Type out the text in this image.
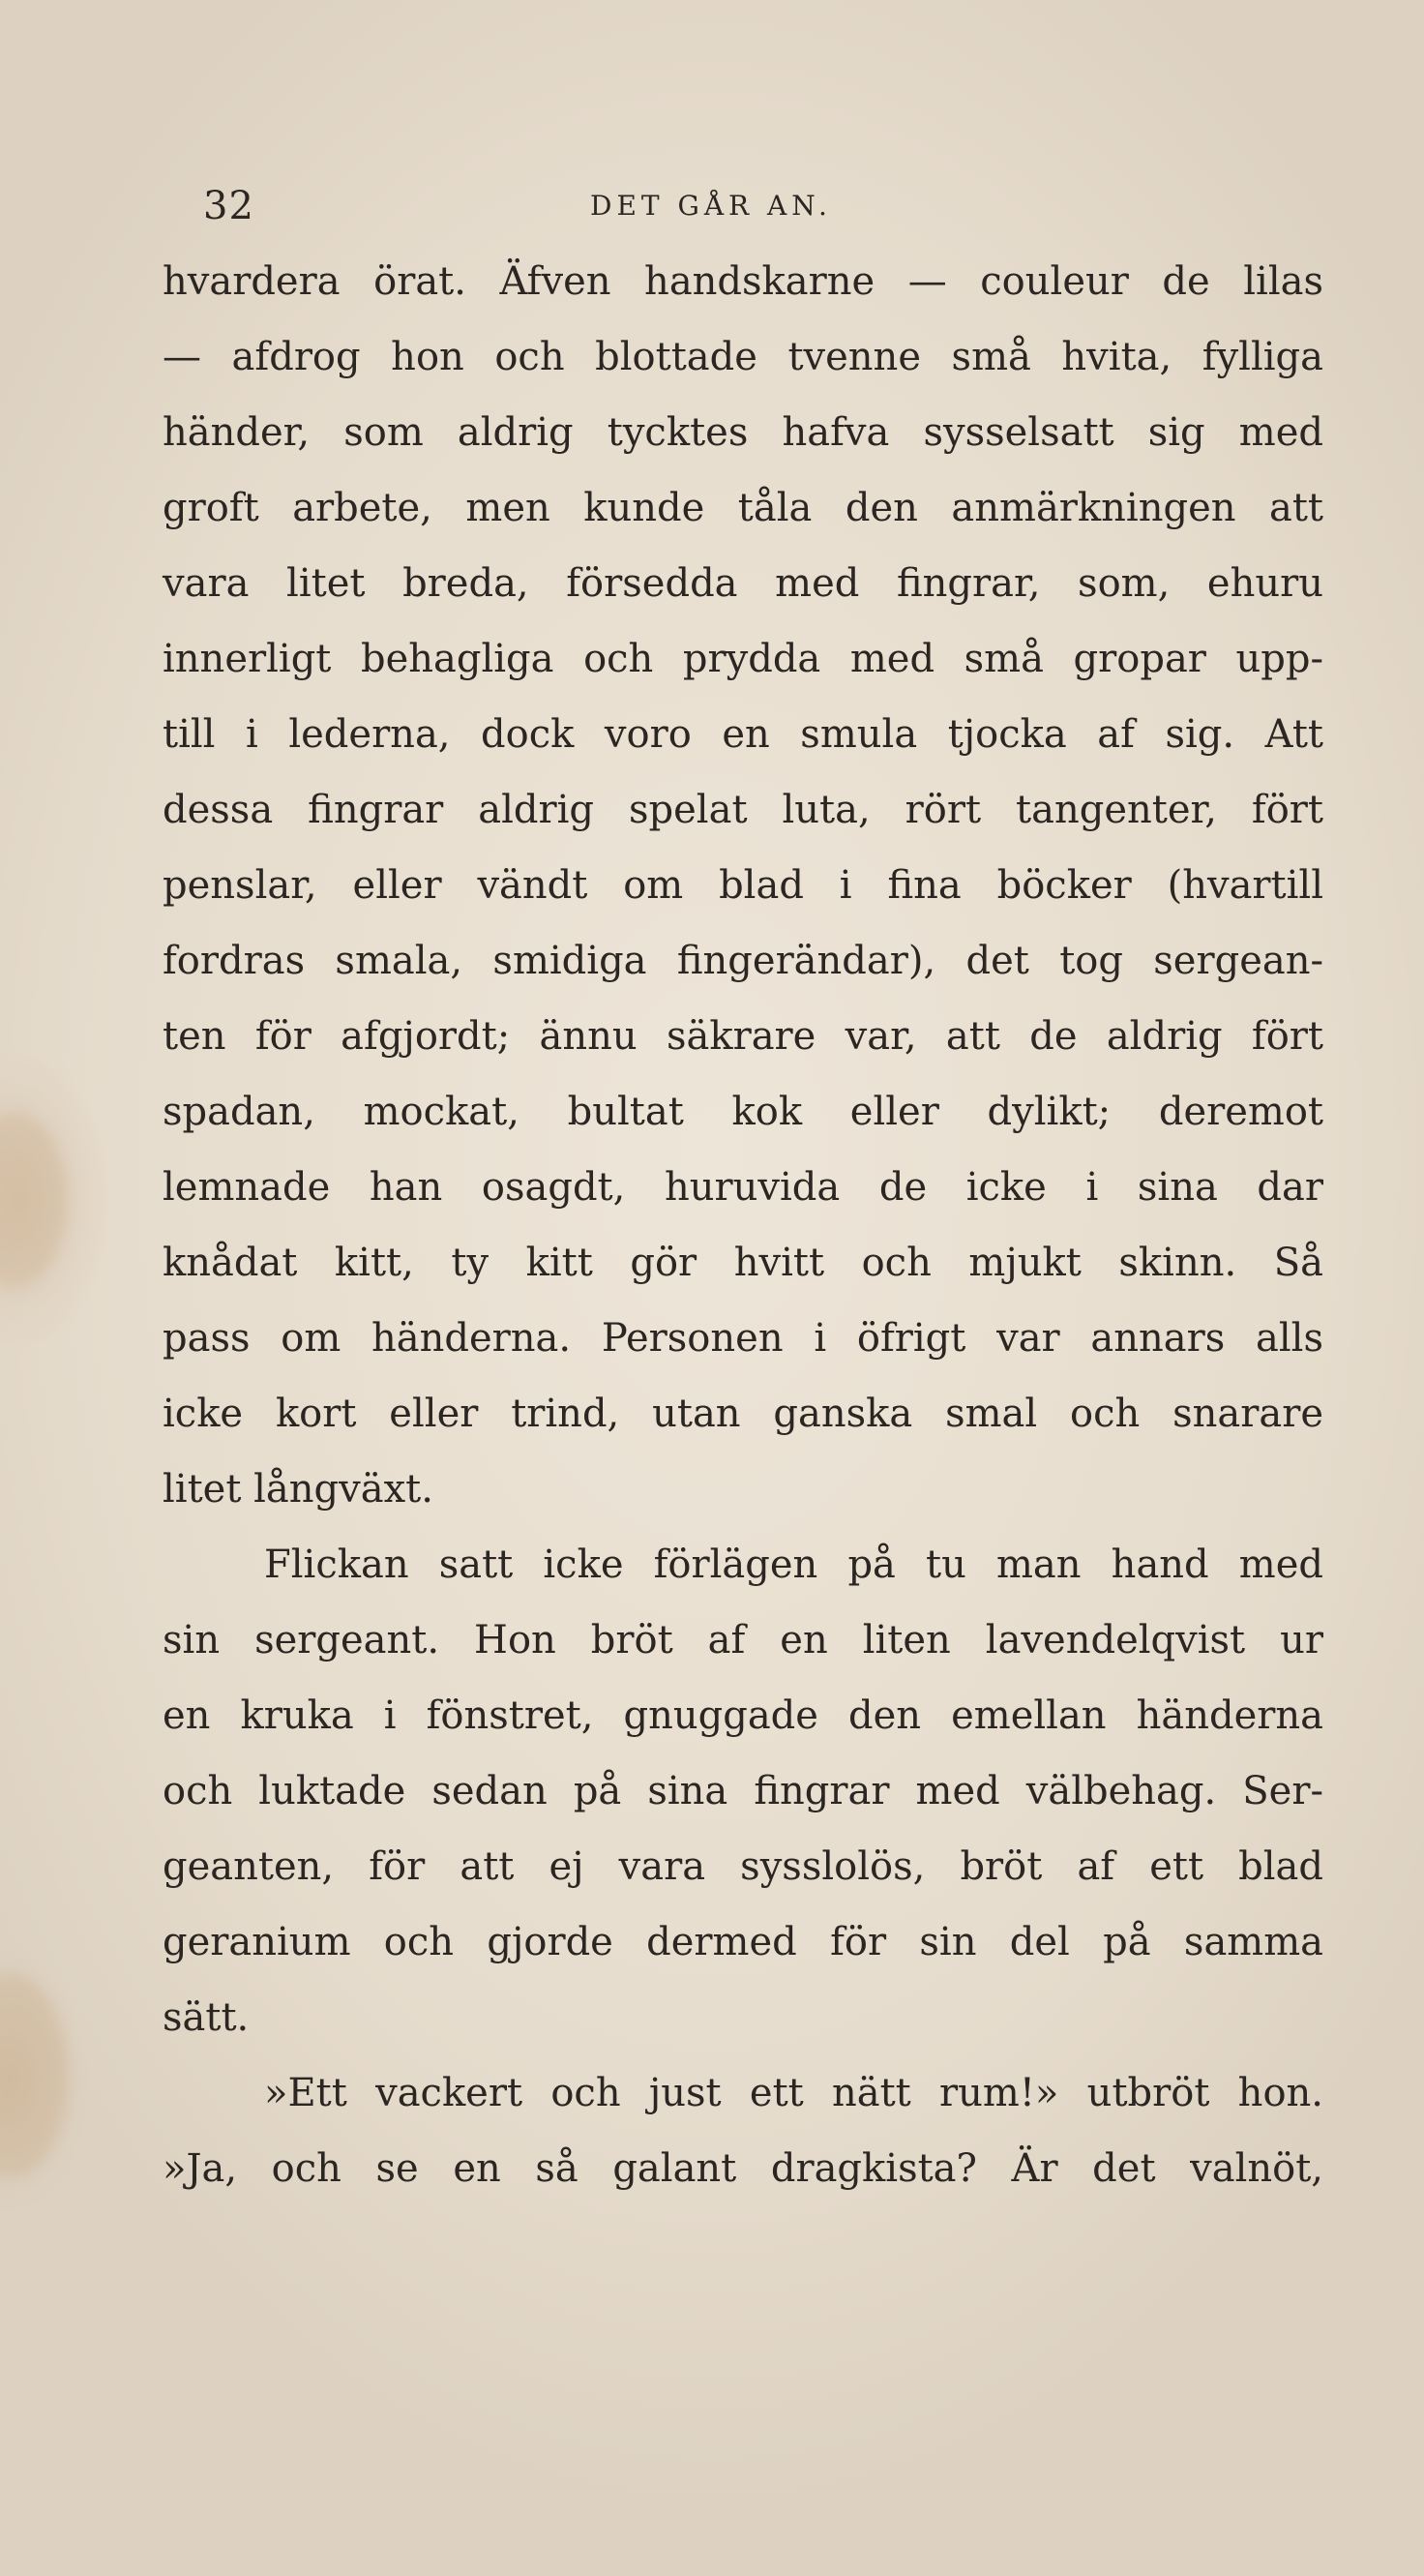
32	DET GÅR AN.
hvardera örat. Äfven handskarne — couleur de lilas
— afdrog hon och blottade tvenne små hvita, fylliga
händer, som aldrig tycktes hafva sysselsatt sig med
groft arbete, men kunde tåla den anmärkningen att
vara litet breda, försedda med fingrar, som, ehuru
innerligt behagliga och prydda med små gropar upp-
till i lederna, dock voro en smula tjocka af sig. Att
dessa fingrar aldrig spelat luta, rört tangenter, fört
penslar, eller vändt om blad i fina böcker (hvartill
fordras smala, smidiga fingerändar), det tog sergean-
ten för afgjordt; ännu säkrare var, att de aldrig fört
spadan, mockat, bultat kok eller dylikt; deremot
lemnade han osagdt, huruvida de icke i sina dar
knådat kitt, ty kitt gör hvitt och mjukt skinn. Så
pass om händerna. Personen i öfrigt var annars alls
icke kort eller trind, utan ganska smal och snarare
litet långväxt.
Flickan satt icke förlägen på tu man hand med
sin sergeant. Hon bröt af en liten lavendelqvist ur
en kruka i fönstret, gnuggade den emellan händerna
och luktade sedan på sina fingrar med välbehag. Ser-
geanten, för att ej vara sysslolös, bröt af ett blad
geranium och gjorde dermed för sin del på samma
sätt.
»Ett vackert och just ett nätt rum!» utbröt hon.
»Ja, och se en så galant dragkista? Är det valnöt,
